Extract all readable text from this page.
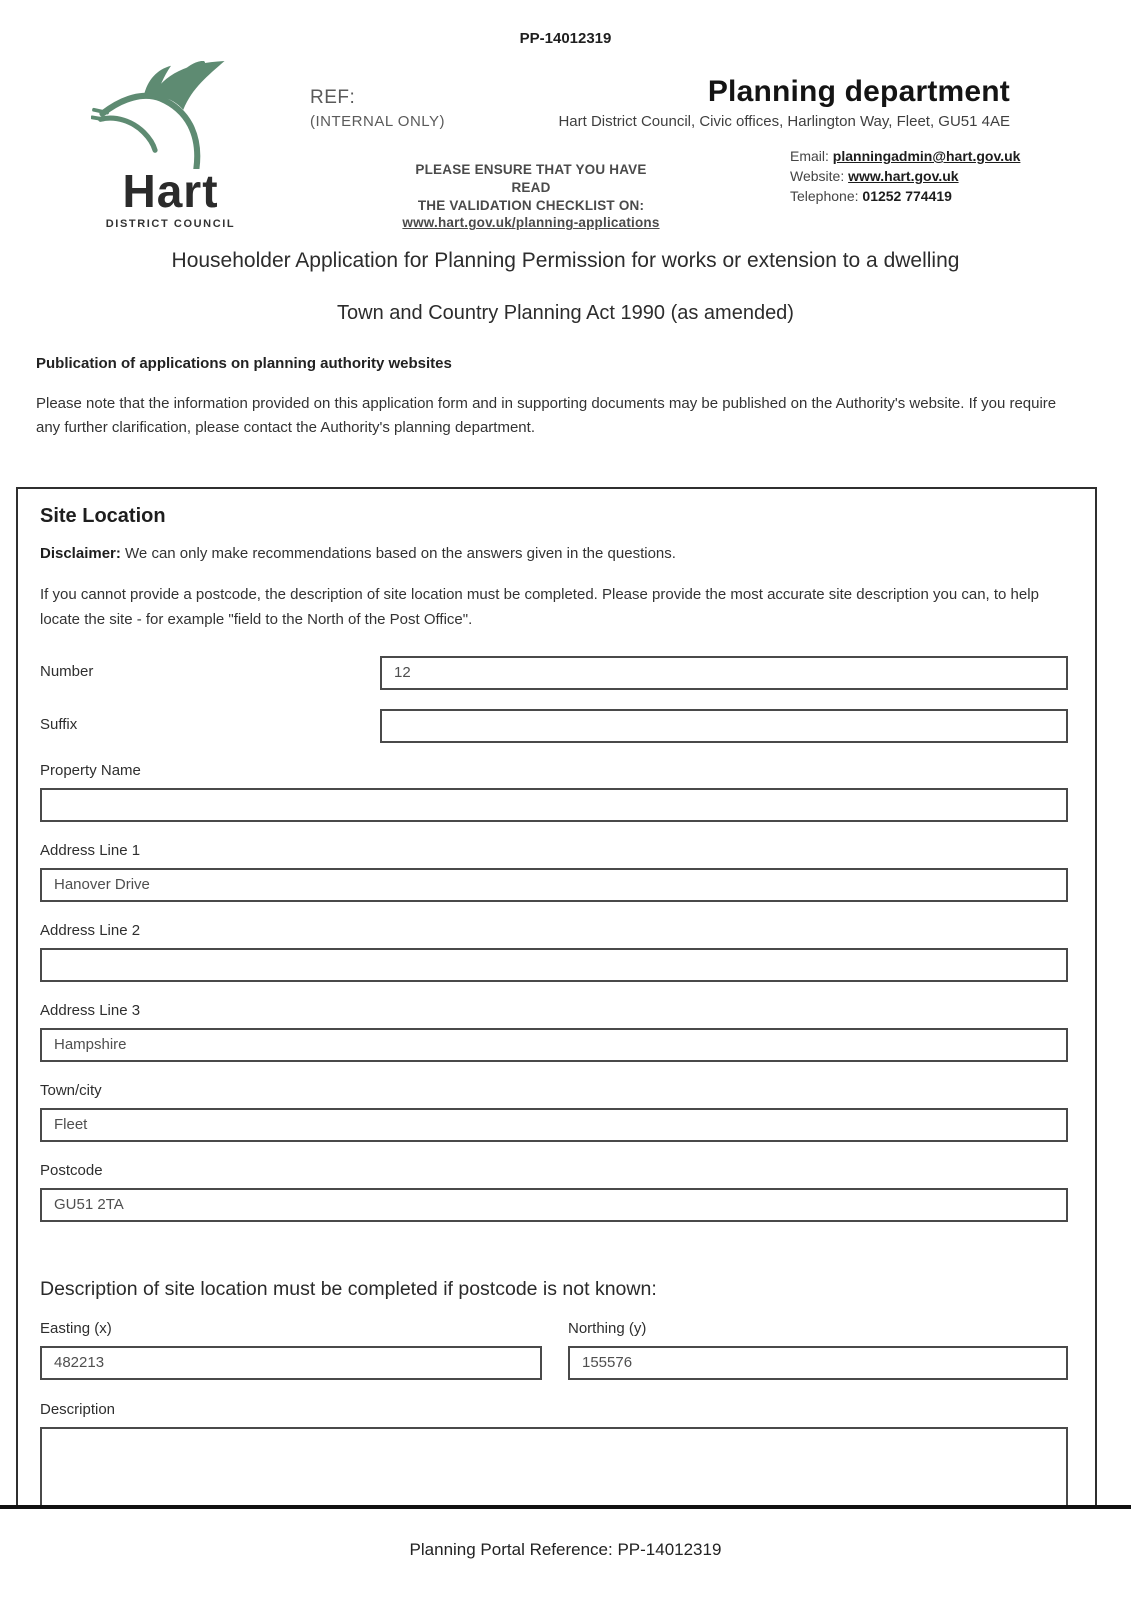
PP-14012319
Hart
DISTRICT COUNCIL
REF:
(INTERNAL ONLY)
Planning department
Hart District Council, Civic offices, Harlington Way, Fleet, GU51 4AE
Email: planningadmin@hart.gov.uk
Website: www.hart.gov.uk
Telephone: 01252 774419
PLEASE ENSURE THAT YOU HAVE READ
THE VALIDATION CHECKLIST ON:
www.hart.gov.uk/planning-applications
Householder Application for Planning Permission for works or extension to a dwelling
Town and Country Planning Act 1990 (as amended)
Publication of applications on planning authority websites
Please note that the information provided on this application form and in supporting documents may be published on the Authority's website. If you require any further clarification, please contact the Authority's planning department.
Site Location
Disclaimer: We can only make recommendations based on the answers given in the questions.
If you cannot provide a postcode, the description of site location must be completed. Please provide the most accurate site description you can, to help locate the site - for example "field to the North of the Post Office".
Number
12
Suffix
Property Name
Address Line 1
Hanover Drive
Address Line 2
Address Line 3
Hampshire
Town/city
Fleet
Postcode
GU51 2TA
Description of site location must be completed if postcode is not known:
Easting (x)
482213	Northing (y)
155576
Description
Planning Portal Reference: PP-14012319
